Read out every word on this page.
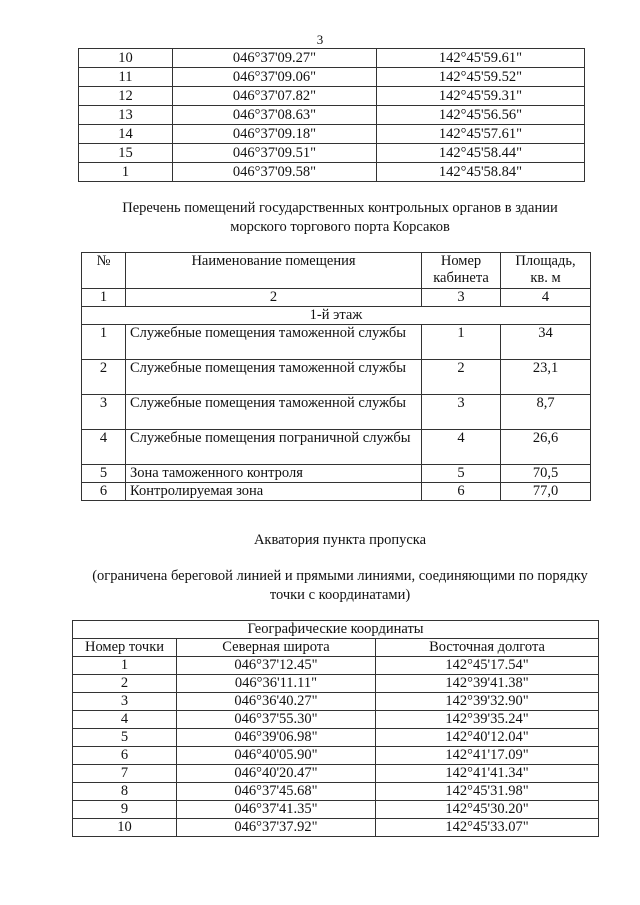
3
10	046°37'09.27"	142°45'59.61"
11	046°37'09.06"	142°45'59.52"
12	046°37'07.82"	142°45'59.31"
13	046°37'08.63"	142°45'56.56"
14	046°37'09.18"	142°45'57.61"
15	046°37'09.51"	142°45'58.44"
1	046°37'09.58"	142°45'58.84"
Перечень помещений государственных контрольных органов в здании
морского торгового порта Корсаков
№	Наименование помещения	Номер кабинета	Площадь, кв. м
1	2	3	4
1-й этаж			
1	Служебные помещения таможенной службы	1	34
2	Служебные помещения таможенной службы	2	23,1
3	Служебные помещения таможенной службы	3	8,7
4	Служебные помещения пограничной службы	4	26,6
5	Зона таможенного контроля	5	70,5
6	Контролируемая зона	6	77,0
Акватория пункта пропуска
(ограничена береговой линией и прямыми линиями, соединяющими по порядку
точки с координатами)
Географические координаты		
Номер точки	Северная широта	Восточная долгота
1	046°37'12.45"	142°45'17.54"
2	046°36'11.11"	142°39'41.38"
3	046°36'40.27"	142°39'32.90"
4	046°37'55.30"	142°39'35.24"
5	046°39'06.98"	142°40'12.04"
6	046°40'05.90"	142°41'17.09"
7	046°40'20.47"	142°41'41.34"
8	046°37'45.68"	142°45'31.98"
9	046°37'41.35"	142°45'30.20"
10	046°37'37.92"	142°45'33.07"
